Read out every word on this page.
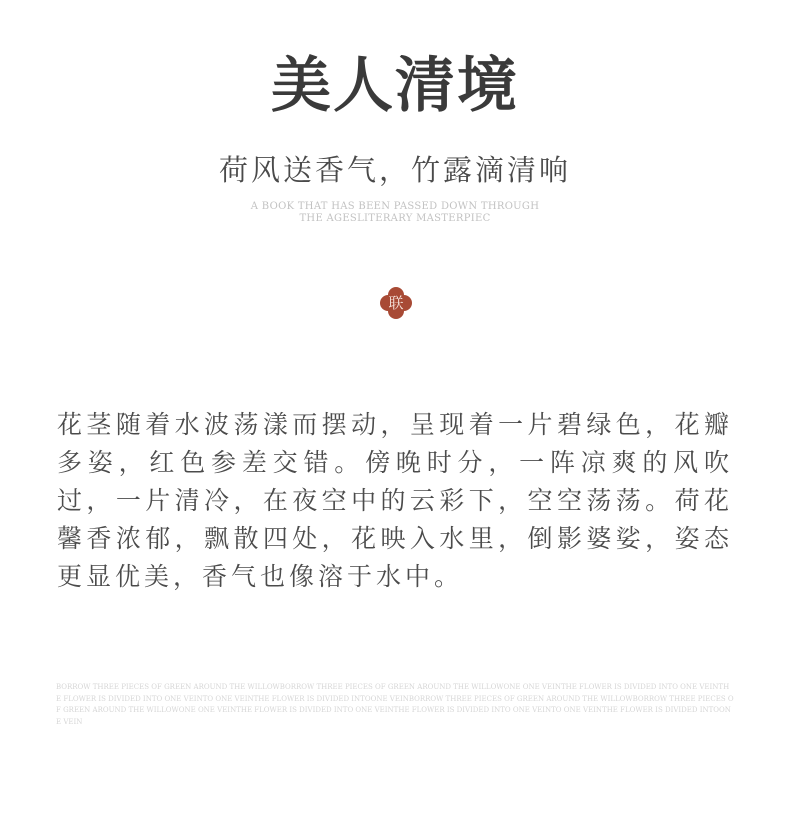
美人清境
荷风送香气，竹露滴清响
A BOOK THAT HAS BEEN PASSED DOWN THROUGH
THE AGESLITERARY MASTERPIEC
联
花茎随着水波荡漾而摆动，呈现着一片碧绿色，花瓣多姿，红色参差交错。傍晚时分，一阵凉爽的风吹过，一片清冷，在夜空中的云彩下，空空荡荡。荷花馨香浓郁，飘散四处，花映入水里，倒影婆娑，姿态更显优美，香气也像溶于水中。
BORROW THREE PIECES OF GREEN AROUND THE WILLOWBORROW THREE PIECES OF GREEN AROUND THE WILLOWONE ONE VEINTHE FLOWER IS DIVIDED INTO ONE VEINTHE FLOWER IS DIVIDED INTO ONE VEINTO ONE VEINTHE FLOWER IS DIVIDED INTOONE VEINBORROW THREE PIECES OF GREEN AROUND THE WILLOWBORROW THREE PIECES OF GREEN AROUND THE WILLOWONE ONE VEINTHE FLOWER IS DIVIDED INTO ONE VEINTHE FLOWER IS DIVIDED INTO ONE VEINTO ONE VEINTHE FLOWER IS DIVIDED INTOONE VEIN
